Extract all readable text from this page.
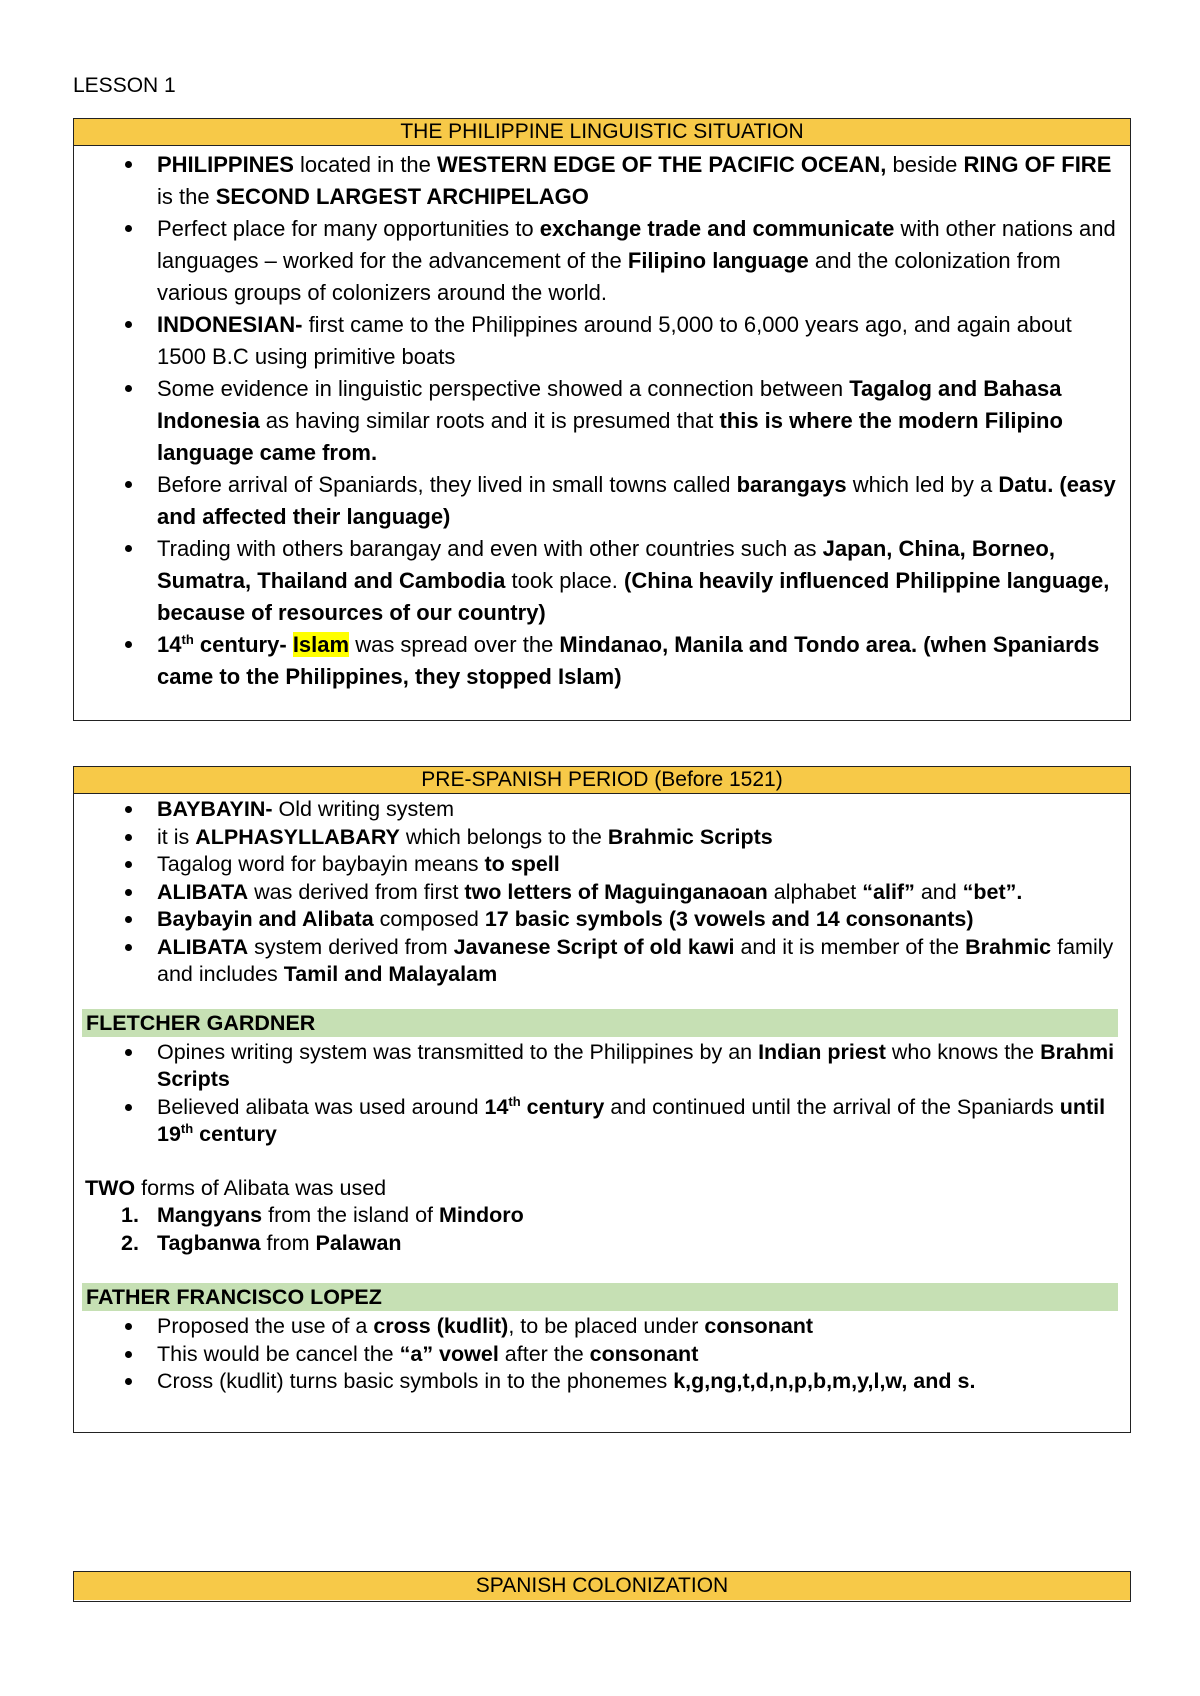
LESSON 1
THE PHILIPPINE LINGUISTIC SITUATION
PHILIPPINES located in the WESTERN EDGE OF THE PACIFIC OCEAN, beside RING OF FIRE is the SECOND LARGEST ARCHIPELAGO
Perfect place for many opportunities to exchange trade and communicate with other nations and languages – worked for the advancement of the Filipino language and the colonization from various groups of colonizers around the world.
INDONESIAN- first came to the Philippines around 5,000 to 6,000 years ago, and again about 1500 B.C using primitive boats
Some evidence in linguistic perspective showed a connection between Tagalog and Bahasa Indonesia as having similar roots and it is presumed that this is where the modern Filipino language came from.
Before arrival of Spaniards, they lived in small towns called barangays which led by a Datu. (easy and affected their language)
Trading with others barangay and even with other countries such as Japan, China, Borneo, Sumatra, Thailand and Cambodia took place. (China heavily influenced Philippine language, because of resources of our country)
14th century- Islam was spread over the Mindanao, Manila and Tondo area. (when Spaniards came to the Philippines, they stopped Islam)
PRE-SPANISH PERIOD (Before 1521)
BAYBAYIN- Old writing system
it is ALPHASYLLABARY which belongs to the Brahmic Scripts
Tagalog word for baybayin means to spell
ALIBATA was derived from first two letters of Maguinganaoan alphabet “alif” and “bet”.
Baybayin and Alibata composed 17 basic symbols (3 vowels and 14 consonants)
ALIBATA system derived from Javanese Script of old kawi and it is member of the Brahmic family and includes Tamil and Malayalam
FLETCHER GARDNER
Opines writing system was transmitted to the Philippines by an Indian priest who knows the Brahmi Scripts
Believed alibata was used around 14th century and continued until the arrival of the Spaniards until 19th century
TWO forms of Alibata was used
1. Mangyans from the island of Mindoro
2. Tagbanwa from Palawan
FATHER FRANCISCO LOPEZ
Proposed the use of a cross (kudlit), to be placed under consonant
This would be cancel the “a” vowel after the consonant
Cross (kudlit) turns basic symbols in to the phonemes k,g,ng,t,d,n,p,b,m,y,l,w, and s.
SPANISH COLONIZATION
